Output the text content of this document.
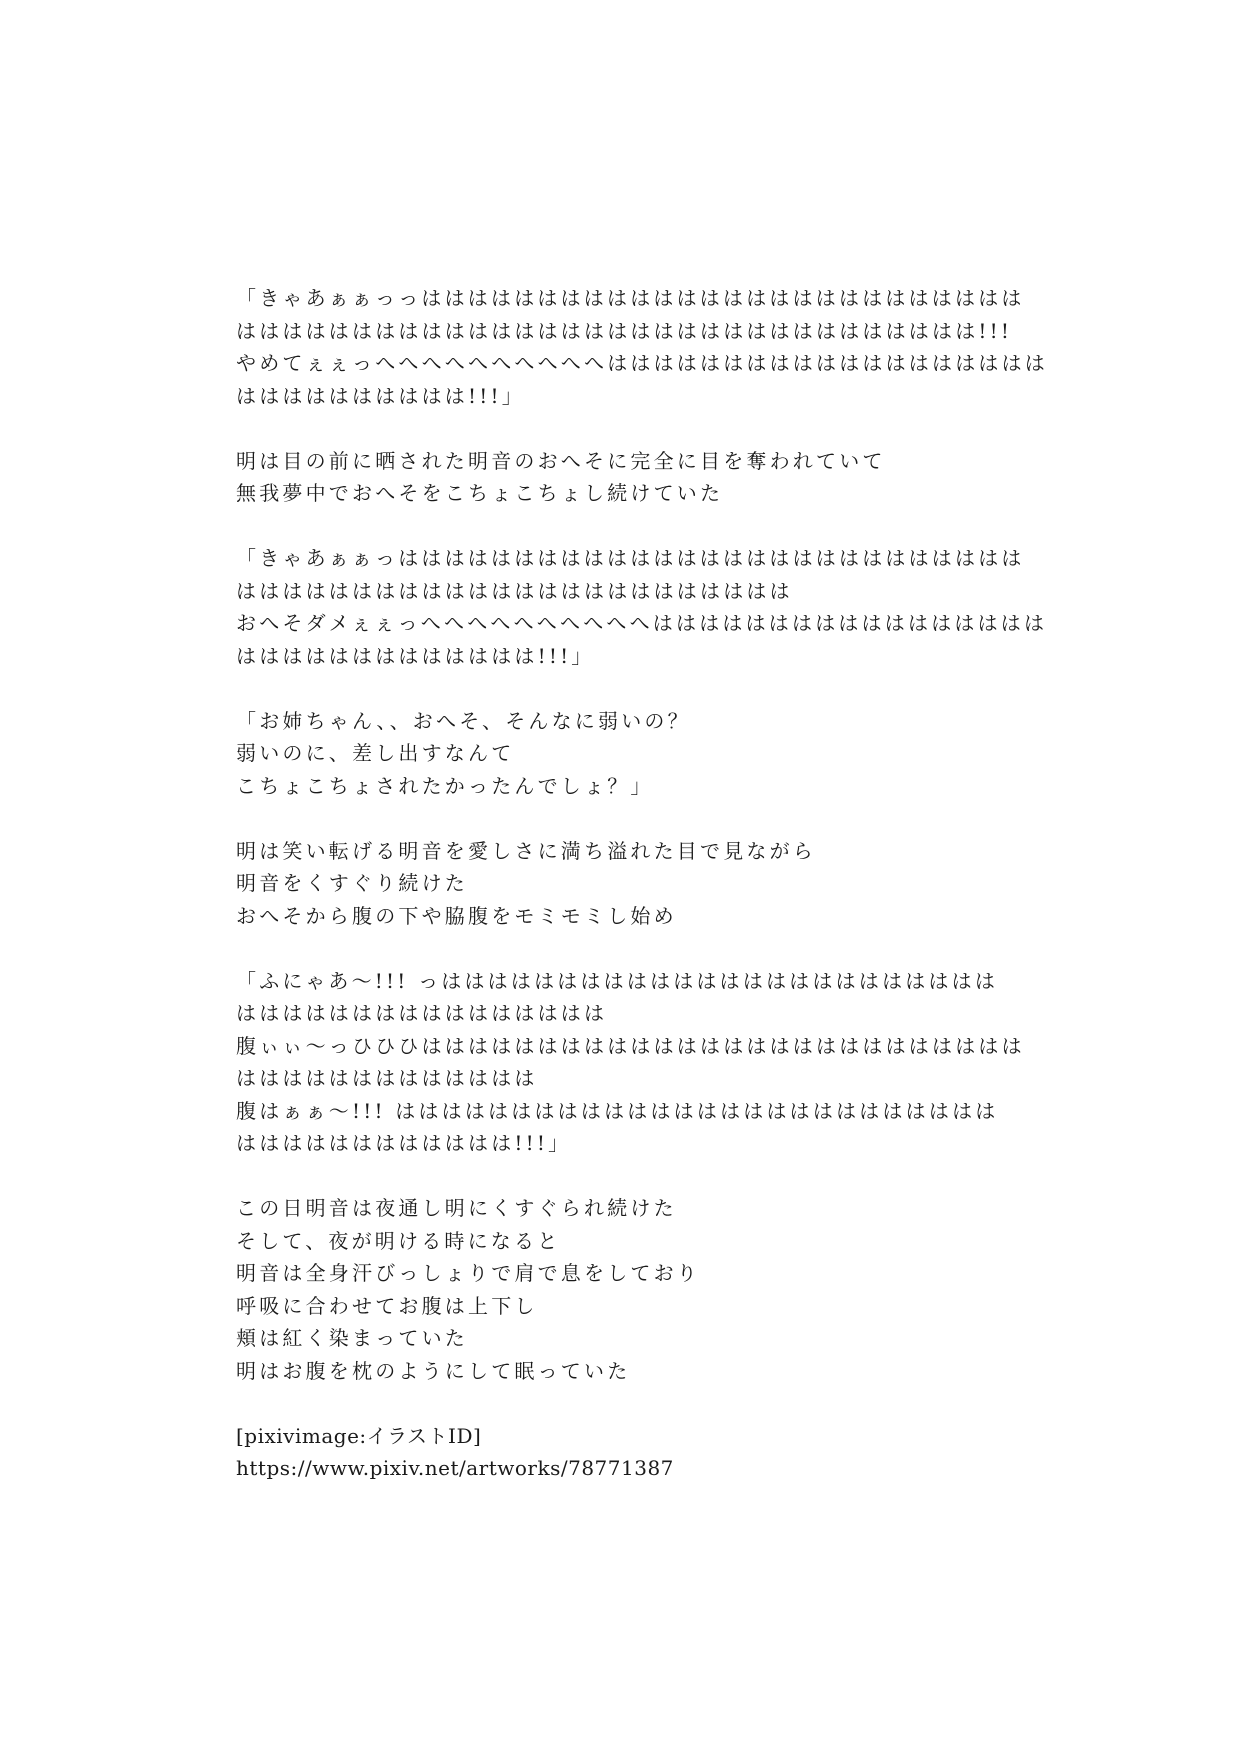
「きゃあぁぁっっはははははははははははははははははははははははははは
はははははははははははははははははははははははははははははははは!!!
やめてぇぇっへへへへへへへへへへははははははははははははははははははは
はははははははははは!!!」

明は目の前に晒された明音のおへそに完全に目を奪われていて
無我夢中でおへそをこちょこちょし続けていた

「きゃあぁぁっははははははははははははははははははははははははははは
はははははははははははははははははははははははは
おへそダメぇぇっへへへへへへへへへへははははははははははははははははは
ははははははははははははは!!!」

「お姉ちゃん、、おへそ、そんなに弱いの？
弱いのに、差し出すなんて
こちょこちょされたかったんでしょ？」

明は笑い転げる明音を愛しさに満ち溢れた目で見ながら
明音をくすぐり続けた
おへそから腹の下や脇腹をモミモミし始め

「ふにゃあ〜!!! っはははははははははははははははははははははははは
はははははははははははははははは
腹ぃぃ〜っひひひはははははははははははははははははははははははははは
ははははははははははははは
腹はぁぁ〜!!! はははははははははははははははははははははははははは
はははははははははははは!!!」

この日明音は夜通し明にくすぐられ続けた
そして、夜が明ける時になると
明音は全身汗びっしょりで肩で息をしており
呼吸に合わせてお腹は上下し
頬は紅く染まっていた
明はお腹を枕のようにして眠っていた

[pixivimage:イラストID]
https://www.pixiv.net/artworks/78771387
